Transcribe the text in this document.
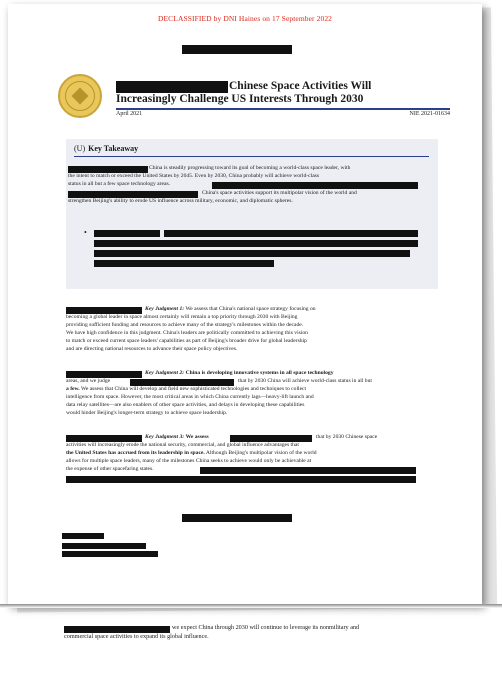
DECLASSIFIED by DNI Haines on 17 September 2022
Chinese Space Activities Will
Increasingly Challenge US Interests Through 2030
April 2021	NIE 2021-01634
(U) Key Takeaway
China is steadily progressing toward its goal of becoming a world-class space leader, with
the intent to match or exceed the United States by 2045. Even by 2030, China probably will achieve world-class
status in all but a few space technology areas.
China's space activities support its multipolar vision of the world and
strengthen Beijing's ability to erode US influence across military, economic, and diplomatic spheres.
•
Key Judgment 1: We assess that China's national space strategy focusing on
becoming a global leader in space almost certainly will remain a top priority through 2030 with Beijing
providing sufficient funding and resources to achieve many of the strategy's milestones within the decade.
We have high confidence in this judgment. China's leaders are politically committed to achieving this vision
to match or exceed current space leaders' capabilities as part of Beijing's broader drive for global leadership
and are directing national resources to advance their space policy objectives.
Key Judgment 2: China is developing innovative systems in all space technology
areas, and we judge	that by 2030 China will achieve world-class status in all but
a few. We assess that China will develop and field new sophisticated technologies and techniques to collect
intelligence from space. However, the most critical areas in which China currently lags—heavy-lift launch and
data relay satellites—are also enablers of other space activities, and delays in developing these capabilities
would hinder Beijing's longer-term strategy to achieve space leadership.
Key Judgment 3: We assess	that by 2030 Chinese space
activities will increasingly erode the national security, commercial, and global influence advantages that
the United States has accrued from its leadership in space. Although Beijing's multipolar vision of the world
allows for multiple space leaders, many of the milestones China seeks to achieve would only be achievable at
the expense of other spacefaring states.
we expect China through 2030 will continue to leverage its nonmilitary and
commercial space activities to expand its global influence.
